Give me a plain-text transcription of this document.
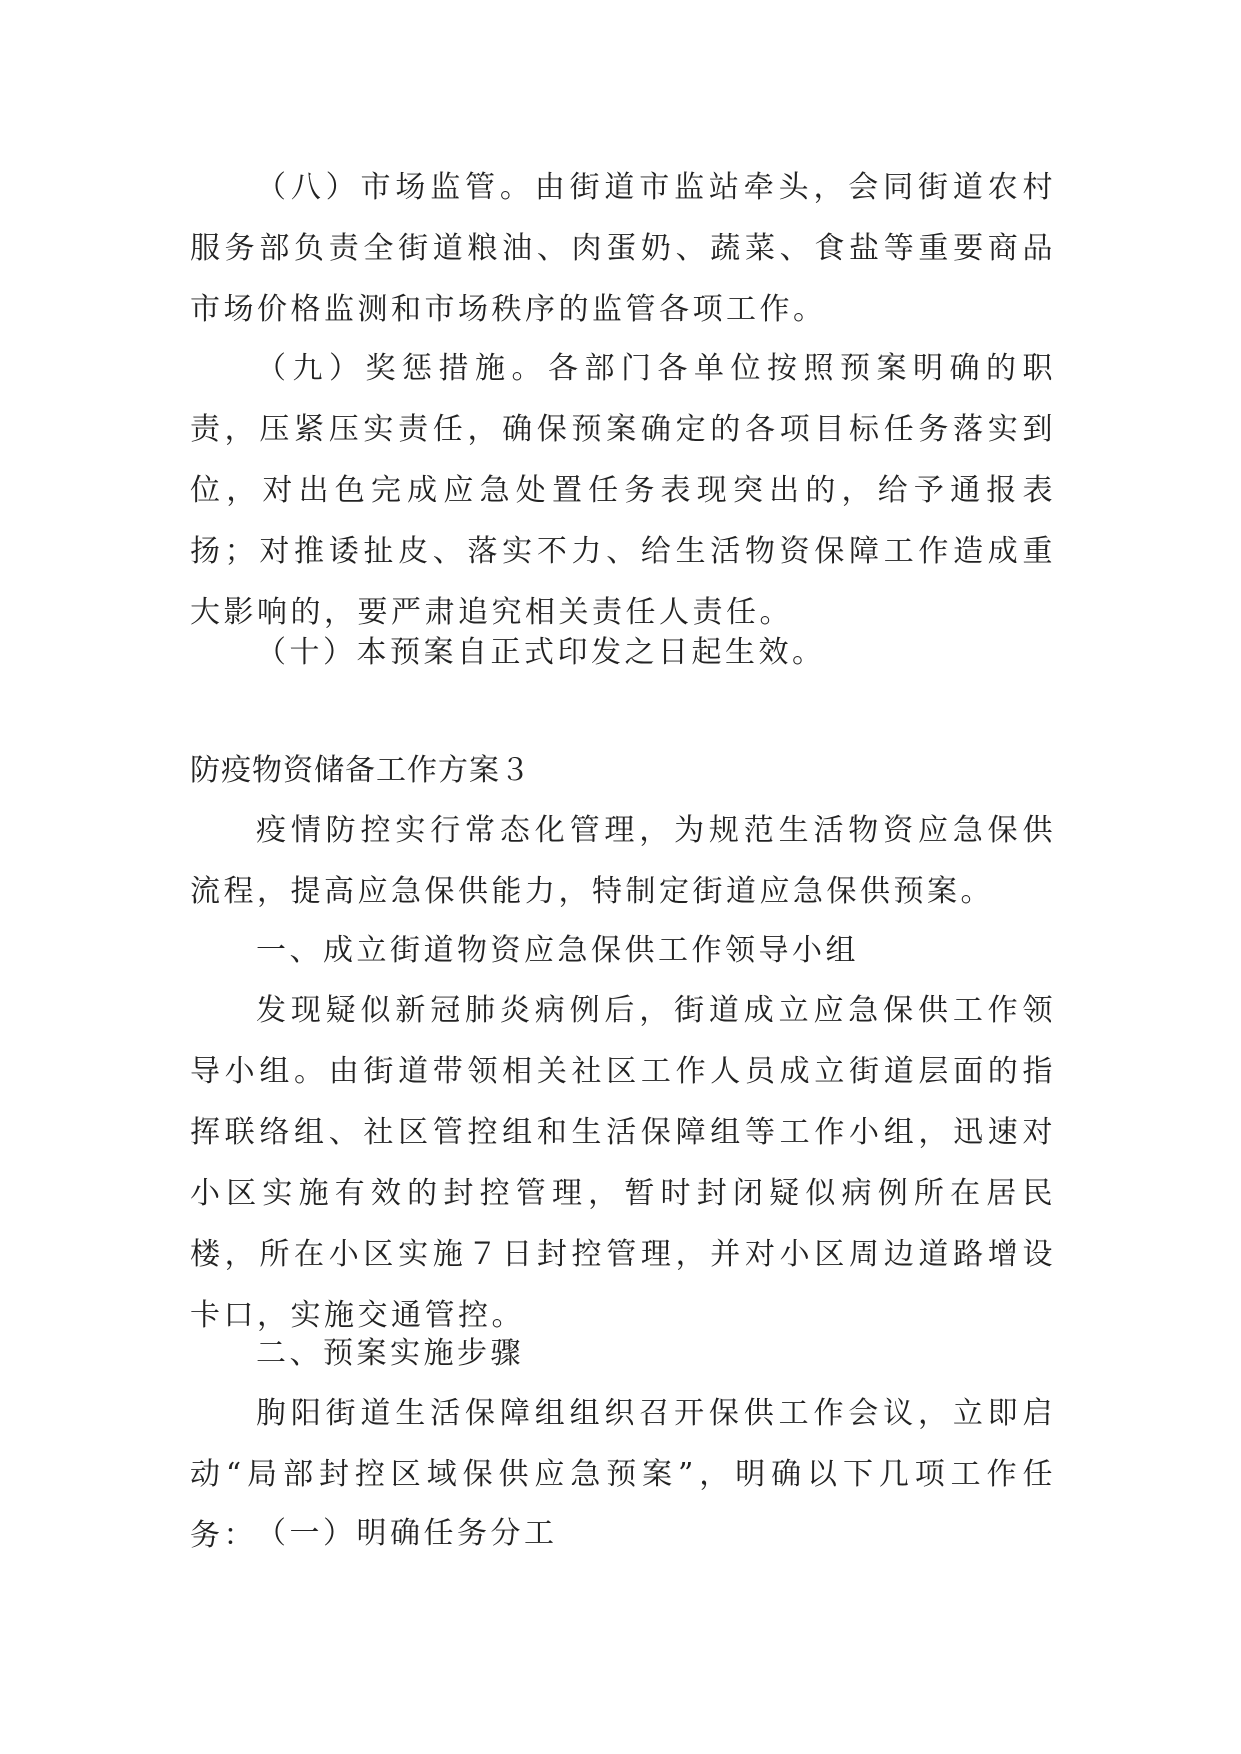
（八）市场监管。由街道市监站牵头，会同街道农村服务部负责全街道粮油、肉蛋奶、蔬菜、食盐等重要商品市场价格监测和市场秩序的监管各项工作。

（九）奖惩措施。各部门各单位按照预案明确的职责，压紧压实责任，确保预案确定的各项目标任务落实到位，对出色完成应急处置任务表现突出的，给予通报表扬；对推诿扯皮、落实不力、给生活物资保障工作造成重大影响的，要严肃追究相关责任人责任。

（十）本预案自正式印发之日起生效。

防疫物资储备工作方案３

疫情防控实行常态化管理，为规范生活物资应急保供流程，提高应急保供能力，特制定街道应急保供预案。

一、成立街道物资应急保供工作领导小组

发现疑似新冠肺炎病例后，街道成立应急保供工作领导小组。由街道带领相关社区工作人员成立街道层面的指挥联络组、社区管控组和生活保障组等工作小组，迅速对小区实施有效的封控管理，暂时封闭疑似病例所在居民楼，所在小区实施７日封控管理，并对小区周边道路增设卡口，实施交通管控。

二、预案实施步骤

朐阳街道生活保障组组织召开保供工作会议，立即启动“局部封控区域保供应急预案”，明确以下几项工作任务： （一）明确任务分工
